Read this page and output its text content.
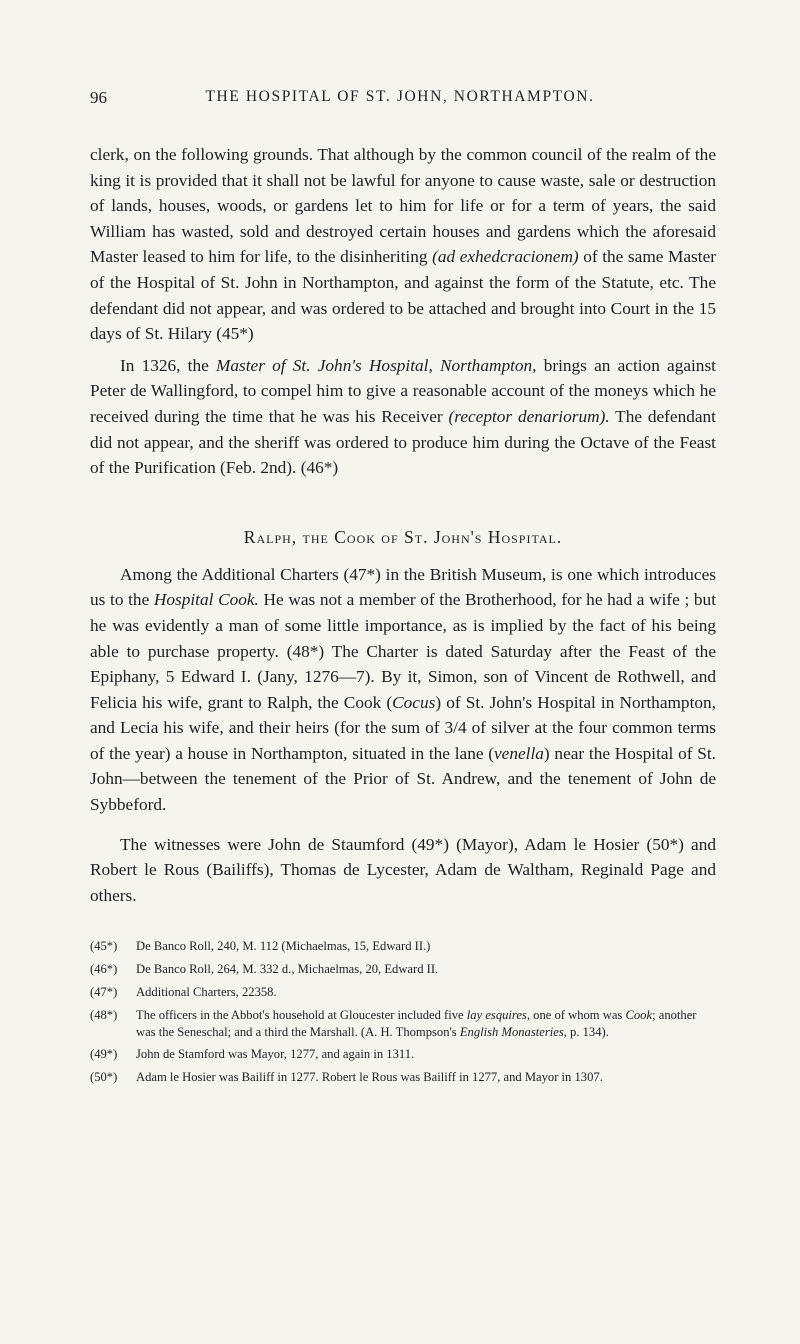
96	THE HOSPITAL OF ST. JOHN, NORTHAMPTON.

clerk, on the following grounds. That although by the common council of the realm of the king it is provided that it shall not be lawful for anyone to cause waste, sale or destruction of lands, houses, woods, or gardens let to him for life or for a term of years, the said William has wasted, sold and destroyed certain houses and gardens which the aforesaid Master leased to him for life, to the disinheriting (ad exhedcracionem) of the same Master of the Hospital of St. John in Northampton, and against the form of the Statute, etc. The defendant did not appear, and was ordered to be attached and brought into Court in the 15 days of St. Hilary (45*)

In 1326, the Master of St. John's Hospital, Northampton, brings an action against Peter de Wallingford, to compel him to give a reasonable account of the moneys which he received during the time that he was his Receiver (receptor denariorum). The defendant did not appear, and the sheriff was ordered to produce him during the Octave of the Feast of the Purification (Feb. 2nd). (46*)

Ralph, the Cook of St. John's Hospital.

Among the Additional Charters (47*) in the British Museum, is one which introduces us to the Hospital Cook. He was not a member of the Brotherhood, for he had a wife ; but he was evidently a man of some little importance, as is implied by the fact of his being able to purchase property. (48*) The Charter is dated Saturday after the Feast of the Epiphany, 5 Edward I. (Jany, 1276—7). By it, Simon, son of Vincent de Rothwell, and Felicia his wife, grant to Ralph, the Cook (Cocus) of St. John's Hospital in Northampton, and Lecia his wife, and their heirs (for the sum of 3/4 of silver at the four common terms of the year) a house in Northampton, situated in the lane (venella) near the Hospital of St. John—between the tenement of the Prior of St. Andrew, and the tenement of John de Sybbeford.

The witnesses were John de Staumford (49*) (Mayor), Adam le Hosier (50*) and Robert le Rous (Bailiffs), Thomas de Lycester, Adam de Waltham, Reginald Page and others.

(45*)	De Banco Roll, 240, M. 112 (Michaelmas, 15, Edward II.)
(46*)	De Banco Roll, 264, M. 332 d., Michaelmas, 20, Edward II.
(47*)	Additional Charters, 22358.
(48*)	The officers in the Abbot's household at Gloucester included five lay esquires, one of whom was Cook; another was the Seneschal; and a third the Marshall. (A. H. Thompson's English Monasteries, p. 134).
(49*)	John de Stamford was Mayor, 1277, and again in 1311.
(50*)	Adam le Hosier was Bailiff in 1277. Robert le Rous was Bailiff in 1277, and Mayor in 1307.
